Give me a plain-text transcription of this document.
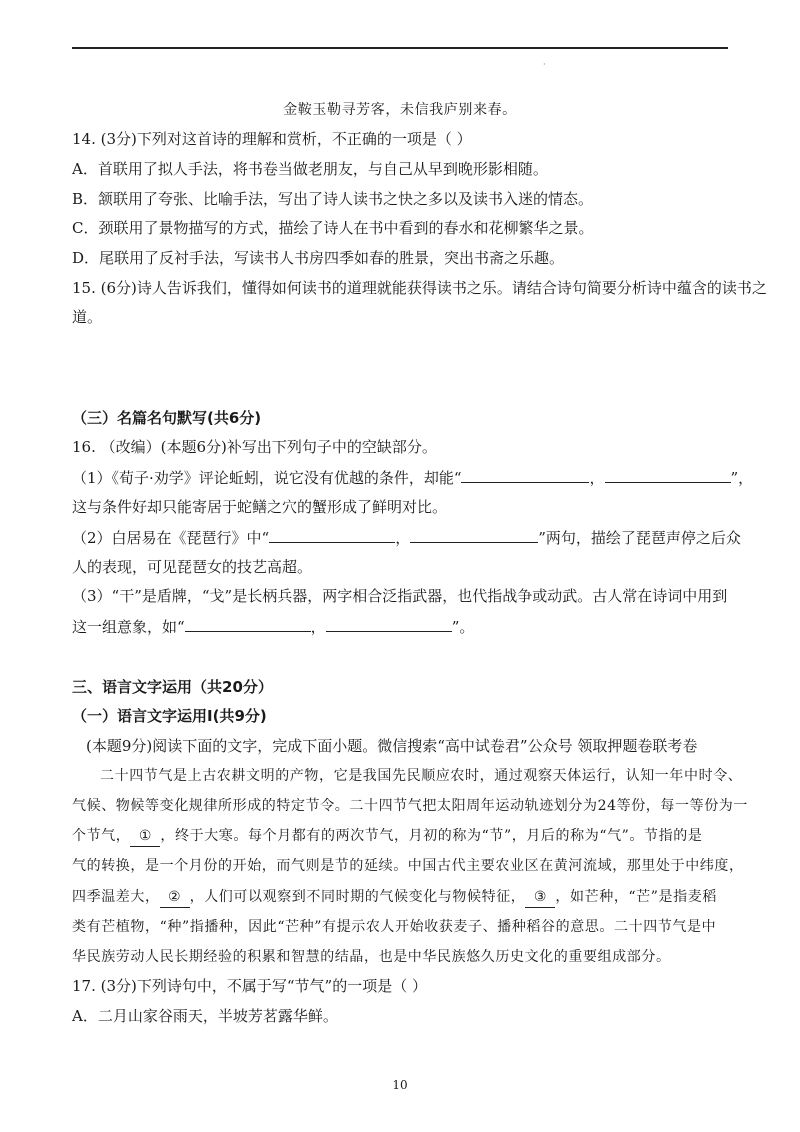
·
金鞍玉勒寻芳客，未信我庐别来春。
14. (3分)下列对这首诗的理解和赏析，不正确的一项是（ ）
A．首联用了拟人手法，将书卷当做老朋友，与自己从早到晚形影相随。
B．颔联用了夸张、比喻手法，写出了诗人读书之快之多以及读书入迷的情态。
C．颈联用了景物描写的方式，描绘了诗人在书中看到的春水和花柳繁华之景。
D．尾联用了反衬手法，写读书人书房四季如春的胜景，突出书斋之乐趣。
15. (6分)诗人告诉我们，懂得如何读书的道理就能获得读书之乐。请结合诗句简要分析诗中蕴含的读书之
道。
（三）名篇名句默写(共6分)
16. （改编）(本题6分)补写出下列句子中的空缺部分。
（1）《荀子·劝学》评论蚯蚓，说它没有优越的条件，却能“	，	”，
这与条件好却只能寄居于蛇鳝之穴的蟹形成了鲜明对比。
（2）白居易在《琵琶行》中“	，	”两句，描绘了琵琶声停之后众
人的表现，可见琵琶女的技艺高超。
（3）“干”是盾牌，“戈”是长柄兵器，两字相合泛指武器，也代指战争或动武。古人常在诗词中用到
这一组意象，如“	，	”。
三、语言文字运用（共20分）
（一）语言文字运用Ⅰ(共9分)
(本题9分)阅读下面的文字，完成下面小题。微信搜索“高中试卷君”公众号 领取押题卷联考卷
二十四节气是上古农耕文明的产物，它是我国先民顺应农时，通过观察天体运行，认知一年中时令、
气候、物候等变化规律所形成的特定节令。二十四节气把太阳周年运动轨迹划分为24等份，每一等份为一
个节气， ① ，终于大寒。每个月都有的两次节气，月初的称为“节”，月后的称为“气”。节指的是
气的转换，是一个月份的开始，而气则是节的延续。中国古代主要农业区在黄河流域，那里处于中纬度，
四季温差大， ② ，人们可以观察到不同时期的气候变化与物候特征， ③ ，如芒种，“芒”是指麦稻
类有芒植物，“种”指播种，因此“芒种”有提示农人开始收获麦子、播种稻谷的意思。二十四节气是中
华民族劳动人民长期经验的积累和智慧的结晶，也是中华民族悠久历史文化的重要组成部分。
17. (3分)下列诗句中，不属于写“节气”的一项是（ ）
A．二月山家谷雨天，半坡芳茗露华鲜。
10
